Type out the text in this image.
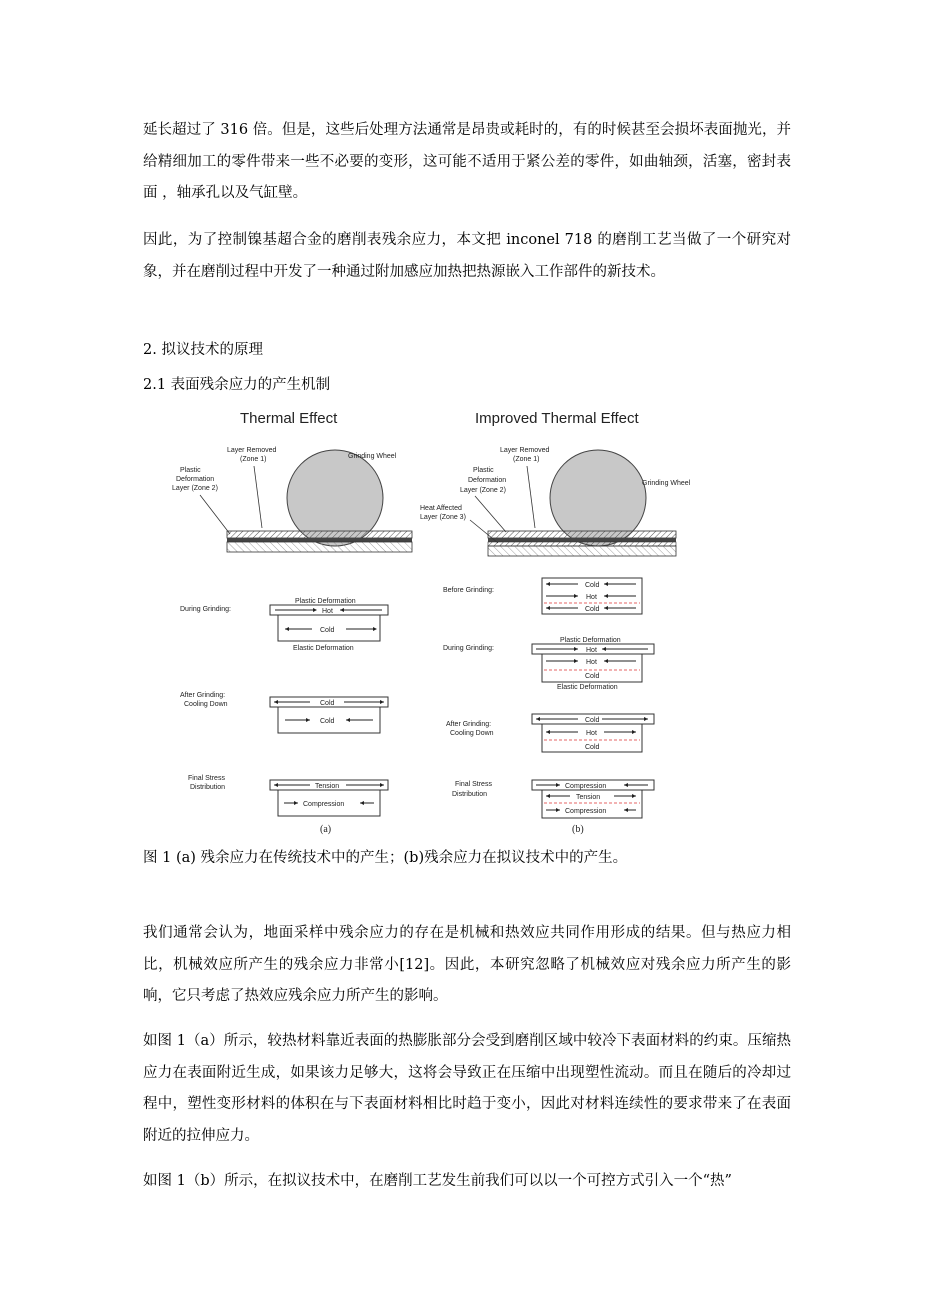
延长超过了 316 倍。但是，这些后处理方法通常是昂贵或耗时的，有的时候甚至会损坏表面抛光，并给精细加工的零件带来一些不必要的变形，这可能不适用于紧公差的零件，如曲轴颈，活塞，密封表面 ，轴承孔以及气缸壁。

因此，为了控制镍基超合金的磨削表残余应力，本文把 inconel 718 的磨削工艺当做了一个研究对象，并在磨削过程中开发了一种通过附加感应加热把热源嵌入工作部件的新技术。

2. 拟议技术的原理

2.1 表面残余应力的产生机制

Thermal Effect
Layer Removed
(Zone 1)
Plastic
Deformation
Layer (Zone 2)
Grinding Wheel
During Grinding:
After Grinding:
Cooling Down
Final Stress
Distribution
Plastic Deformation
Hot
Cold
Elastic Deformation
Cold
Cold
Tension
Compression
(a)
Improved Thermal Effect
Layer Removed
(Zone 1)
Plastic
Deformation
Layer (Zone 2)
Heat Affected
Layer (Zone 3)
Grinding Wheel
Before Grinding:
During Grinding:
After Grinding:
Cooling Down
Final Stress
Distribution
Cold
Hot
Cold
Plastic Deformation
Hot
Hot
Cold
Elastic Deformation
Cold
Hot
Cold
Compression
Tension
Compression
(b)

图 1 (a) 残余应力在传统技术中的产生；(b)残余应力在拟议技术中的产生。

我们通常会认为，地面采样中残余应力的存在是机械和热效应共同作用形成的结果。但与热应力相比，机械效应所产生的残余应力非常小[12]。因此，本研究忽略了机械效应对残余应力所产生的影响，它只考虑了热效应残余应力所产生的影响。

如图 1（a）所示，较热材料靠近表面的热膨胀部分会受到磨削区域中较冷下表面材料的约束。压缩热应力在表面附近生成，如果该力足够大，这将会导致正在压缩中出现塑性流动。而且在随后的冷却过程中，塑性变形材料的体积在与下表面材料相比时趋于变小，因此对材料连续性的要求带来了在表面附近的拉伸应力。

如图 1（b）所示，在拟议技术中，在磨削工艺发生前我们可以以一个可控方式引入一个“热”
